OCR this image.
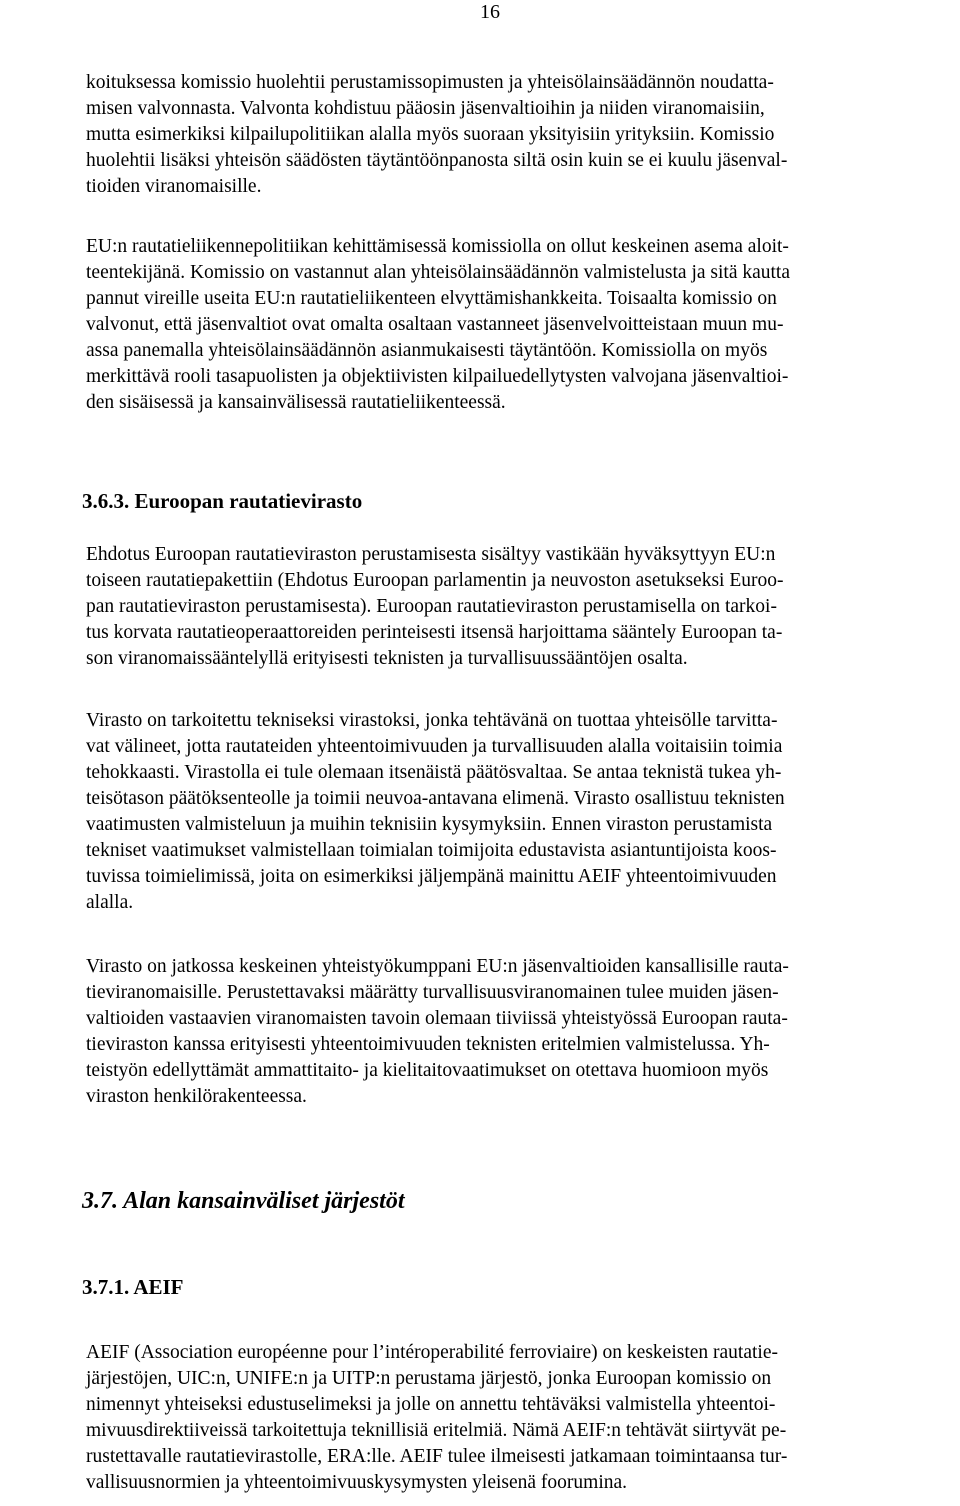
16
koituksessa komissio huolehtii perustamissopimusten ja yhteisölainsäädännön noudatta-
misen valvonnasta. Valvonta kohdistuu pääosin jäsenvaltioihin ja niiden viranomaisiin,
mutta esimerkiksi kilpailupolitiikan alalla myös suoraan yksityisiin yrityksiin. Komissio
huolehtii lisäksi yhteisön säädösten täytäntöönpanosta siltä osin kuin se ei kuulu jäsenval-
tioiden viranomaisille.
EU:n rautatieliikennepolitiikan kehittämisessä komissiolla on ollut keskeinen asema aloit-
teentekijänä. Komissio on vastannut alan yhteisölainsäädännön valmistelusta ja sitä kautta
pannut vireille useita EU:n rautatieliikenteen elvyttämishankkeita. Toisaalta komissio on
valvonut, että jäsenvaltiot ovat omalta osaltaan vastanneet jäsenvelvoitteistaan muun mu-
assa panemalla yhteisölainsäädännön asianmukaisesti täytäntöön. Komissiolla on myös
merkittävä rooli tasapuolisten ja objektiivisten kilpailuedellytysten valvojana jäsenvaltioi-
den sisäisessä ja kansainvälisessä rautatieliikenteessä.
3.6.3. Euroopan rautatievirasto
Ehdotus Euroopan rautatieviraston perustamisesta sisältyy vastikään hyväksyttyyn EU:n
toiseen rautatiepakettiin (Ehdotus Euroopan parlamentin ja neuvoston asetukseksi Euroo-
pan rautatieviraston perustamisesta). Euroopan rautatieviraston perustamisella on tarkoi-
tus korvata rautatieoperaattoreiden perinteisesti itsensä harjoittama sääntely Euroopan ta-
son viranomaissääntelyllä erityisesti teknisten ja turvallisuussääntöjen osalta.
Virasto on tarkoitettu tekniseksi virastoksi, jonka tehtävänä on tuottaa yhteisölle tarvitta-
vat välineet, jotta rautateiden yhteentoimivuuden ja turvallisuuden alalla voitaisiin toimia
tehokkaasti. Virastolla ei tule olemaan itsenäistä päätösvaltaa. Se antaa teknistä tukea yh-
teisötason päätöksenteolle ja toimii neuvoa-antavana elimenä. Virasto osallistuu teknisten
vaatimusten valmisteluun ja muihin teknisiin kysymyksiin. Ennen viraston perustamista
tekniset vaatimukset valmistellaan toimialan toimijoita edustavista asiantuntijoista koos-
tuvissa toimielimissä, joita on esimerkiksi jäljempänä mainittu AEIF yhteentoimivuuden
alalla.
Virasto on jatkossa keskeinen yhteistyökumppani EU:n jäsenvaltioiden kansallisille rauta-
tieviranomaisille. Perustettavaksi määrätty turvallisuusviranomainen tulee muiden jäsen-
valtioiden vastaavien viranomaisten tavoin olemaan tiiviissä yhteistyössä Euroopan rauta-
tieviraston kanssa erityisesti yhteentoimivuuden teknisten eritelmien valmistelussa. Yh-
teistyön edellyttämät ammattitaito- ja kielitaitovaatimukset on otettava huomioon myös
viraston henkilörakenteessa.
3.7. Alan kansainväliset järjestöt
3.7.1. AEIF
AEIF (Association européenne pour l’intéroperabilité ferroviaire) on keskeisten rautatie-
järjestöjen, UIC:n, UNIFE:n ja UITP:n perustama järjestö, jonka Euroopan komissio on
nimennyt yhteiseksi edustuselimeksi ja jolle on annettu tehtäväksi valmistella yhteentoi-
mivuusdirektiiveissä tarkoitettuja teknillisiä eritelmiä. Nämä AEIF:n tehtävät siirtyvät pe-
rustettavalle rautatievirastolle, ERA:lle. AEIF tulee ilmeisesti jatkamaan toimintaansa tur-
vallisuusnormien ja yhteentoimivuuskysymysten yleisenä foorumina.
